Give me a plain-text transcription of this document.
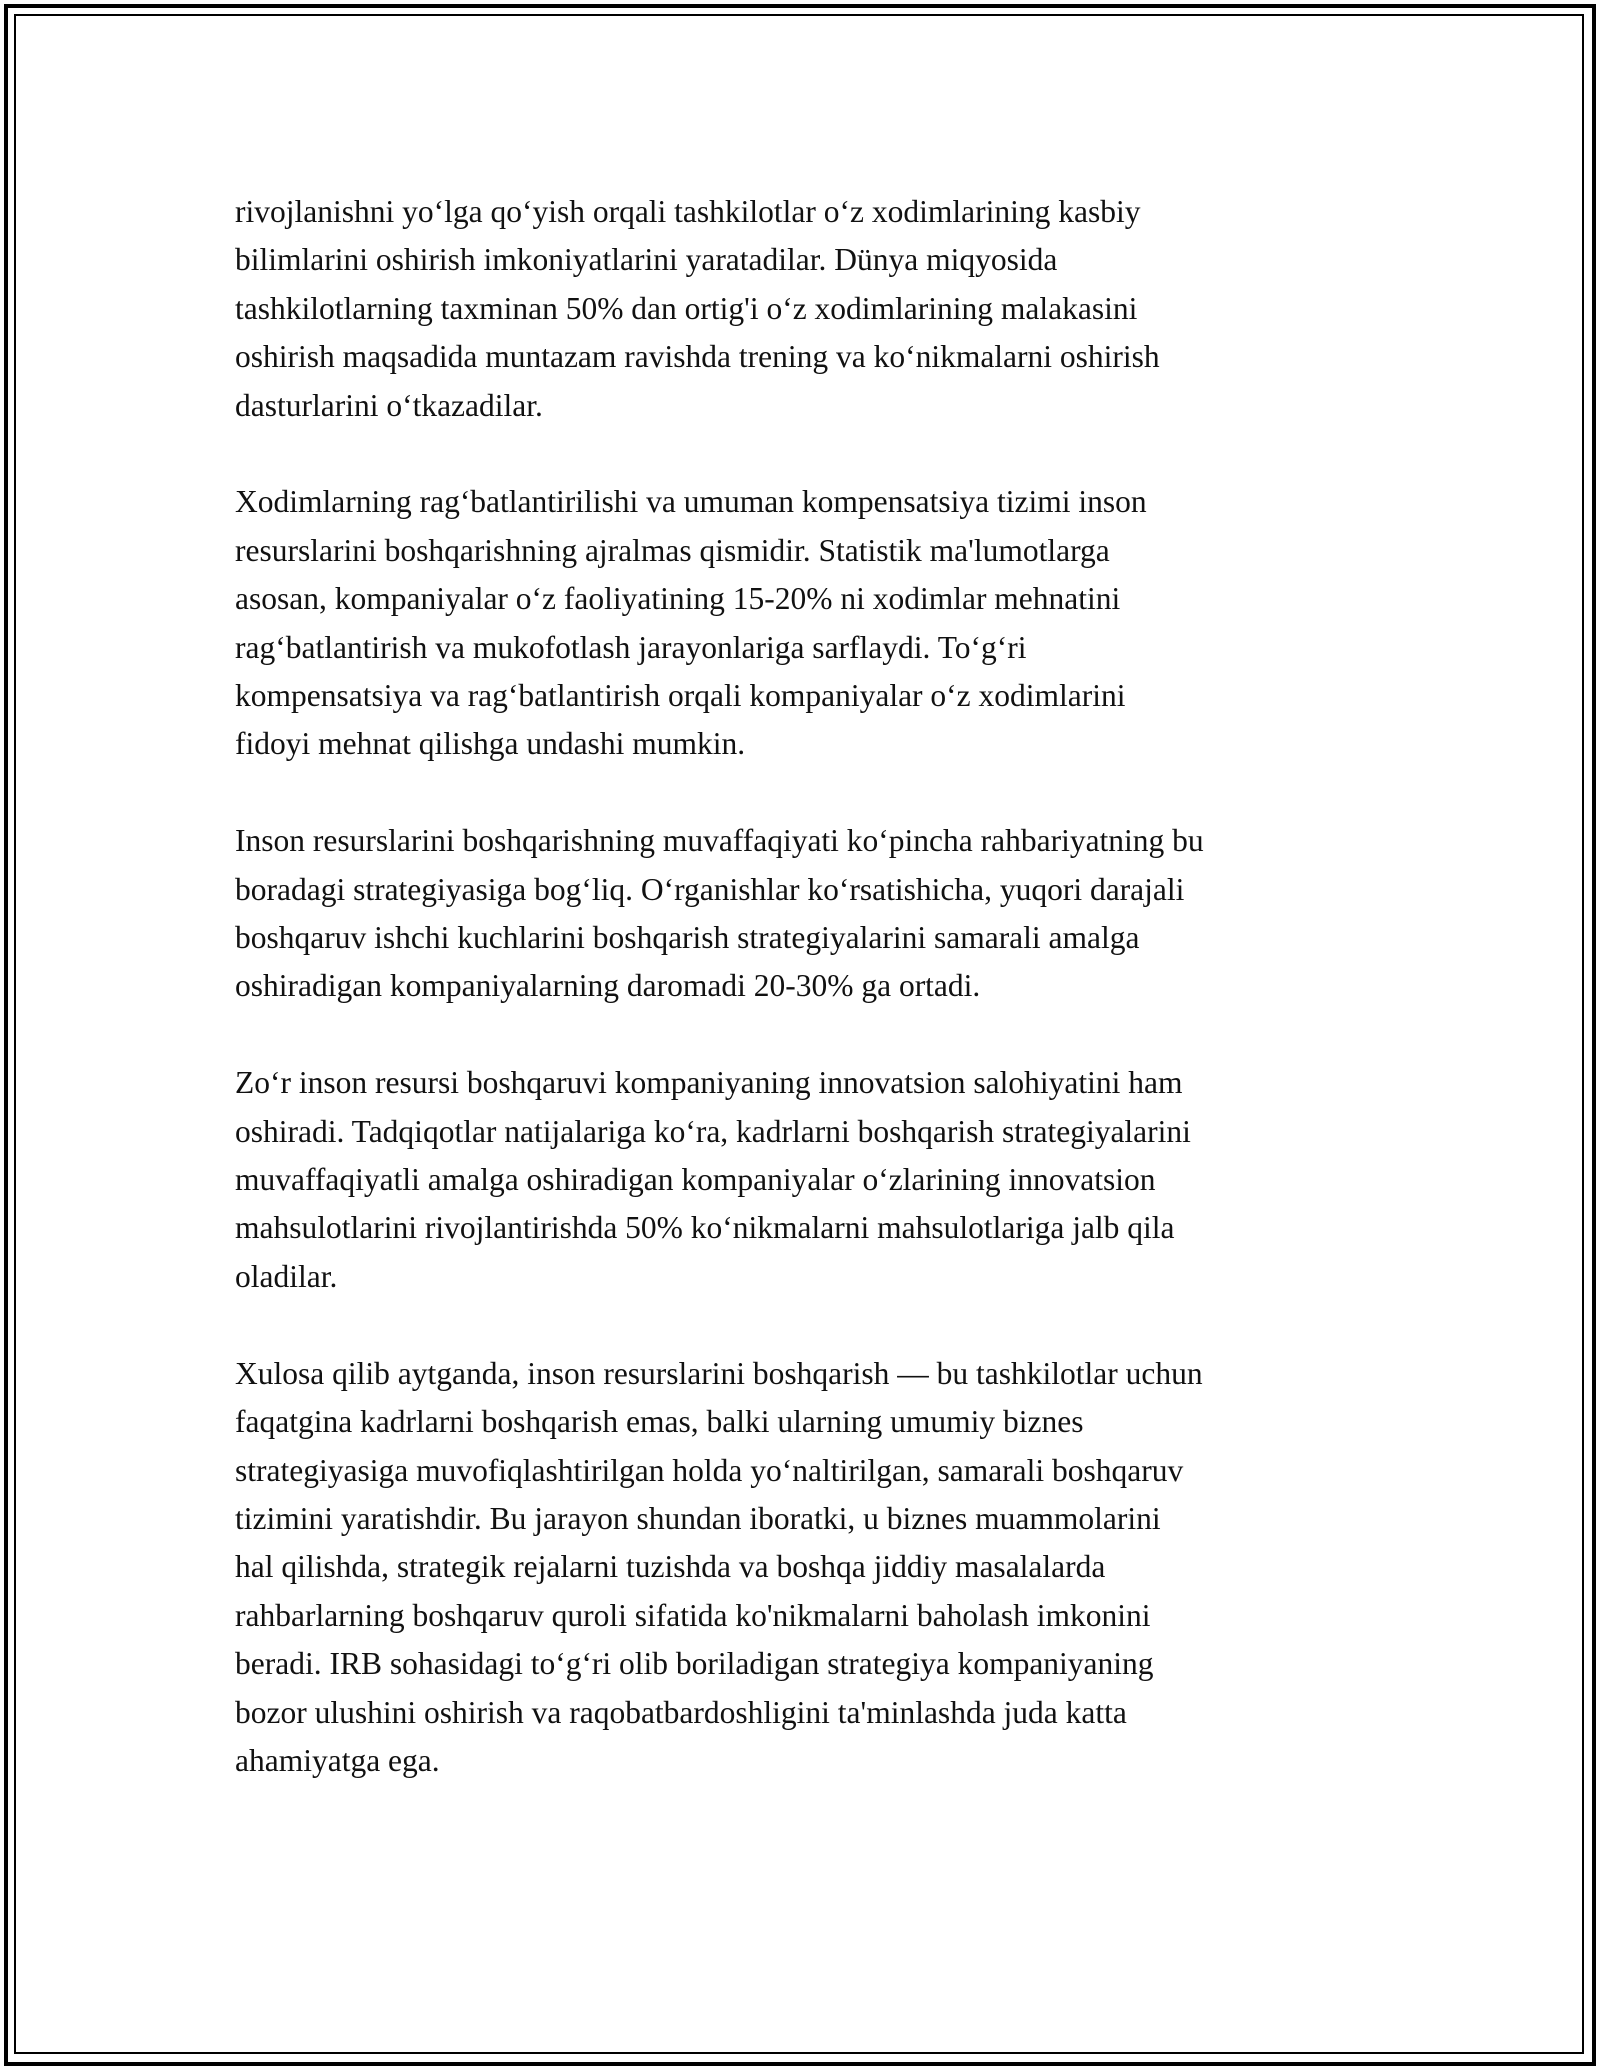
rivojlanishni yo‘lga qo‘yish orqali tashkilotlar o‘z xodimlarining kasbiy
bilimlarini oshirish imkoniyatlarini yaratadilar. Dünya miqyosida
tashkilotlarning taxminan 50% dan ortig'i o‘z xodimlarining malakasini
oshirish maqsadida muntazam ravishda trening va ko‘nikmalarni oshirish
dasturlarini o‘tkazadilar.

Xodimlarning rag‘batlantirilishi va umuman kompensatsiya tizimi inson
resurslarini boshqarishning ajralmas qismidir. Statistik ma'lumotlarga
asosan, kompaniyalar o‘z faoliyatining 15-20% ni xodimlar mehnatini
rag‘batlantirish va mukofotlash jarayonlariga sarflaydi. To‘g‘ri
kompensatsiya va rag‘batlantirish orqali kompaniyalar o‘z xodimlarini
fidoyi mehnat qilishga undashi mumkin.

Inson resurslarini boshqarishning muvaffaqiyati ko‘pincha rahbariyatning bu
boradagi strategiyasiga bog‘liq. O‘rganishlar ko‘rsatishicha, yuqori darajali
boshqaruv ishchi kuchlarini boshqarish strategiyalarini samarali amalga
oshiradigan kompaniyalarning daromadi 20-30% ga ortadi.

Zo‘r inson resursi boshqaruvi kompaniyaning innovatsion salohiyatini ham
oshiradi. Tadqiqotlar natijalariga ko‘ra, kadrlarni boshqarish strategiyalarini
muvaffaqiyatli amalga oshiradigan kompaniyalar o‘zlarining innovatsion
mahsulotlarini rivojlantirishda 50% ko‘nikmalarni mahsulotlariga jalb qila
oladilar.

Xulosa qilib aytganda, inson resurslarini boshqarish — bu tashkilotlar uchun
faqatgina kadrlarni boshqarish emas, balki ularning umumiy biznes
strategiyasiga muvofiqlashtirilgan holda yo‘naltirilgan, samarali boshqaruv
tizimini yaratishdir. Bu jarayon shundan iboratki, u biznes muammolarini
hal qilishda, strategik rejalarni tuzishda va boshqa jiddiy masalalarda
rahbarlarning boshqaruv quroli sifatida ko'nikmalarni baholash imkonini
beradi. IRB sohasidagi to‘g‘ri olib boriladigan strategiya kompaniyaning
bozor ulushini oshirish va raqobatbardoshligini ta'minlashda juda katta
ahamiyatga ega.
